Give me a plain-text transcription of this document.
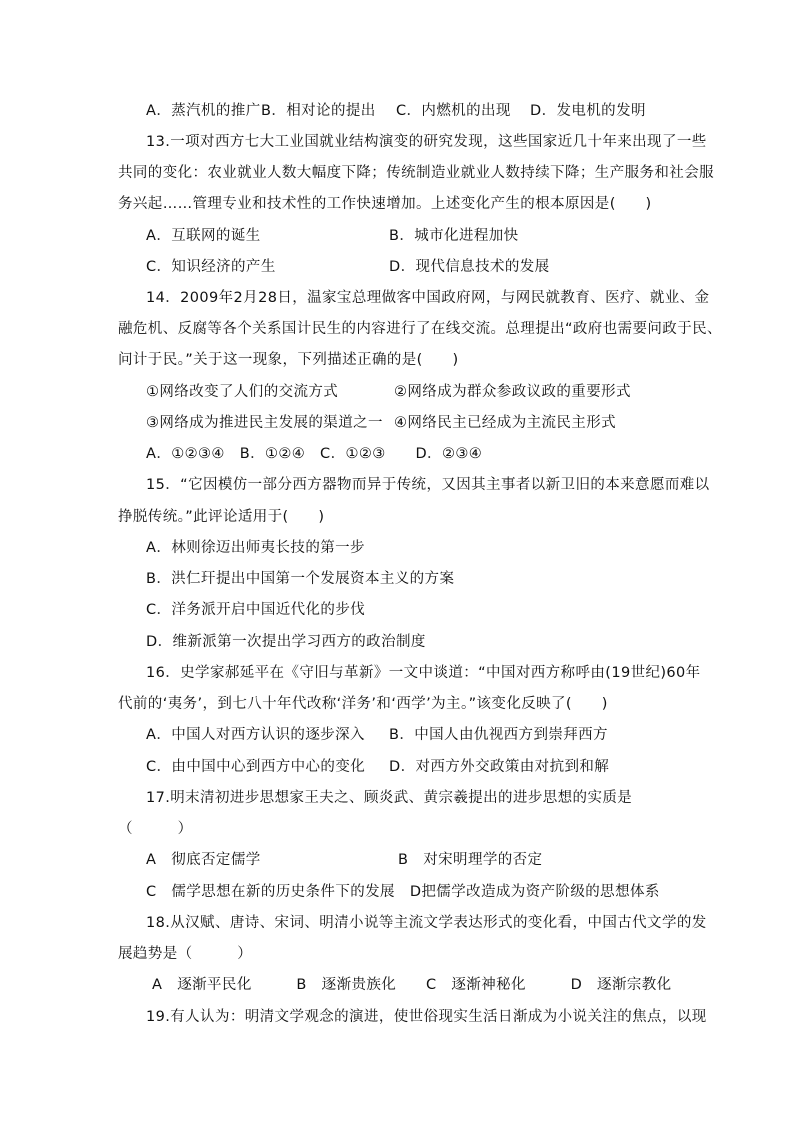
A．蒸汽机的推广 B．相对论的提出 C．内燃机的出现 D．发电机的发明
13.一项对西方七大工业国就业结构演变的研究发现，这些国家近几十年来出现了一些
共同的变化：农业就业人数大幅度下降；传统制造业就业人数持续下降；生产服务和社会服
务兴起……管理专业和技术性的工作快速增加。上述变化产生的根本原因是(　　)
A．互联网的诞生	B．城市化进程加快
C．知识经济的产生	D．现代信息技术的发展
14．2009年2月28日，温家宝总理做客中国政府网，与网民就教育、医疗、就业、金
融危机、反腐等各个关系国计民生的内容进行了在线交流。总理提出“政府也需要问政于民、
问计于民。”关于这一现象，下列描述正确的是(　　)
①网络改变了人们的交流方式	②网络成为群众参政议政的重要形式
③网络成为推进民主发展的渠道之一 ④网络民主已经成为主流民主形式
A．①②③④　B．①②④　C．①②③　　D．②③④
15．“它因模仿一部分西方器物而异于传统，又因其主事者以新卫旧的本来意愿而难以
挣脱传统。”此评论适用于(　　)
A．林则徐迈出师夷长技的第一步
B．洪仁玕提出中国第一个发展资本主义的方案
C．洋务派开启中国近代化的步伐
D．维新派第一次提出学习西方的政治制度
16．史学家郝延平在《守旧与革新》一文中谈道：“中国对西方称呼由(19世纪)60年
代前的‘夷务’，到七八十年代改称‘洋务’和‘西学’为主。”该变化反映了(　　)
A．中国人对西方认识的逐步深入 B．中国人由仇视西方到崇拜西方
C．由中国中心到西方中心的变化 D．对西方外交政策由对抗到和解
17.明末清初进步思想家王夫之、顾炎武、黄宗羲提出的进步思想的实质是
（　　　）
A　彻底否定儒学	B　对宋明理学的否定
C　儒学思想在新的历史条件下的发展　D把儒学改造成为资产阶级的思想体系
18.从汉赋、唐诗、宋词、明清小说等主流文学表达形式的变化看，中国古代文学的发
展趋势是（　　　）
A　逐渐平民化　　　B　逐渐贵族化　　C　逐渐神秘化　　　D　逐渐宗教化
19.有人认为：明清文学观念的演进，使世俗现实生活日渐成为小说关注的焦点，以现
